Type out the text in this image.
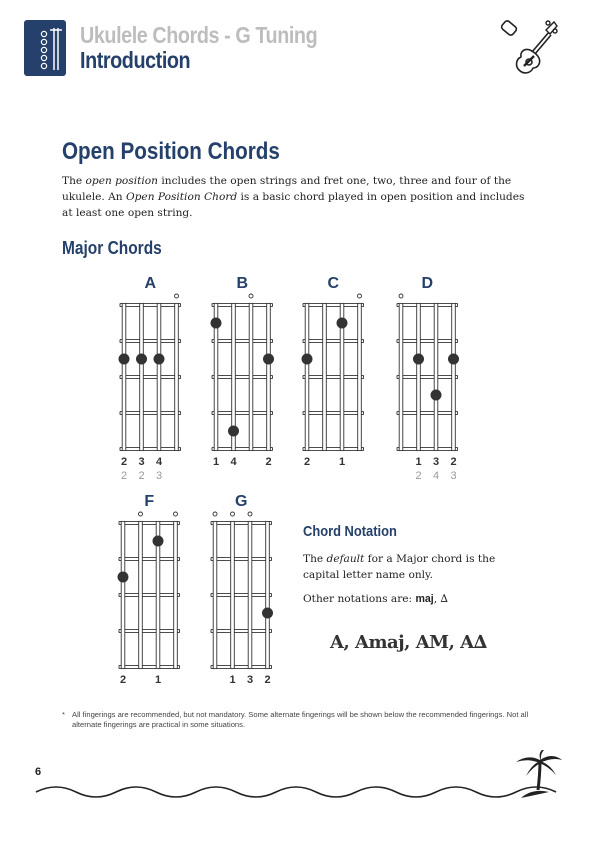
Ukulele Chords - G Tuning
Introduction
Open Position Chords
The open position includes the open strings and fret one, two, three and four of the ukulele. An Open Position Chord is a basic chord played in open position and includes at least one open string.
Major Chords
A
2 3 4
2 2 3
B
1 4	2
C
2	1
D
1 3 2
2 4 3
F
2	1
G
1 3 2
Chord Notation
The default for a Major chord is the capital letter name only.
Other notations are: maj, ∆
A, Amaj, AM, A∆
* All fingerings are recommended, but not mandatory. Some alternate fingerings will be shown below the recommended fingerings. Not all alternate fingerings are practical in some situations.
6
